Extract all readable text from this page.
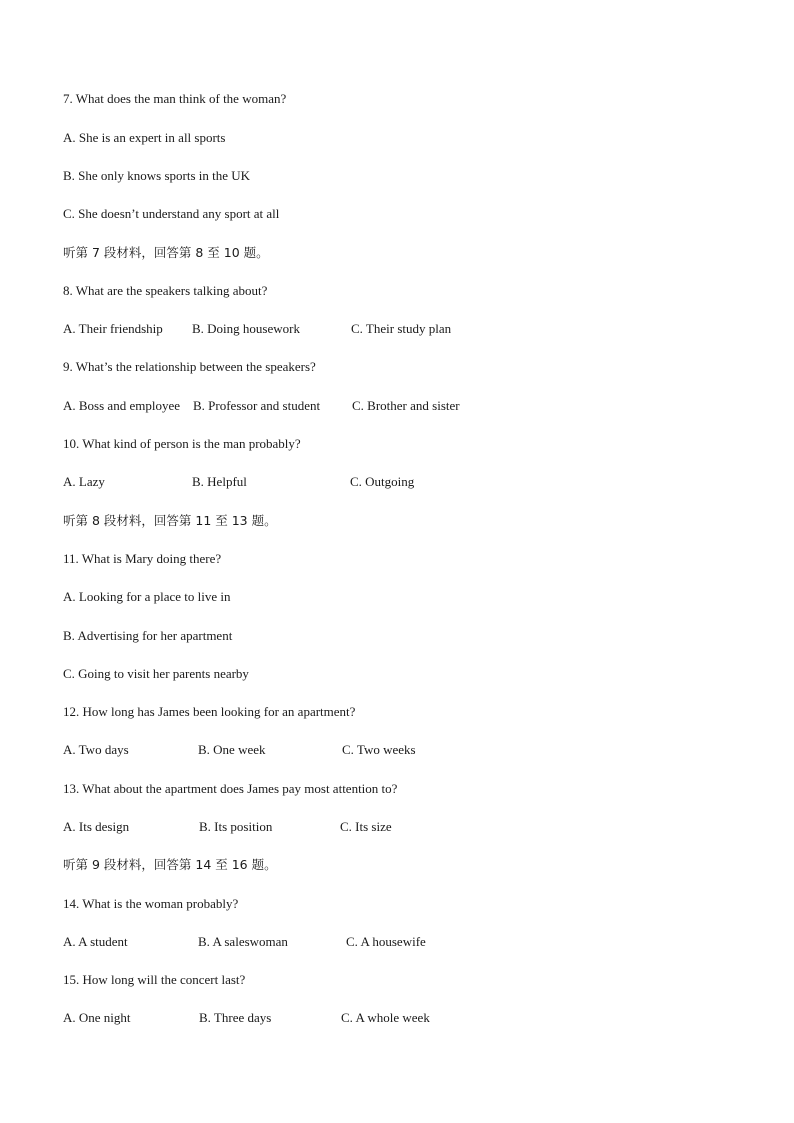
7. What does the man think of the woman?
A. She is an expert in all sports
B. She only knows sports in the UK
C. She doesn’t understand any sport at all
听第 7 段材料，回答第 8 至 10 题。
8. What are the speakers talking about?
A. Their friendship B. Doing housework	C. Their study plan
9. What’s the relationship between the speakers?
A. Boss and employee B. Professor and student C. Brother and sister
10. What kind of person is the man probably?
A. Lazy	B. Helpful	C. Outgoing
听第 8 段材料，回答第 11 至 13 题。
11. What is Mary doing there?
A. Looking for a place to live in
B. Advertising for her apartment
C. Going to visit her parents nearby
12. How long has James been looking for an apartment?
A. Two days	B. One week	C. Two weeks
13. What about the apartment does James pay most attention to?
A. Its design	B. Its position	C. Its size
听第 9 段材料，回答第 14 至 16 题。
14. What is the woman probably?
A. A student	B. A saleswoman	C. A housewife
15. How long will the concert last?
A. One night	B. Three days	C. A whole week
